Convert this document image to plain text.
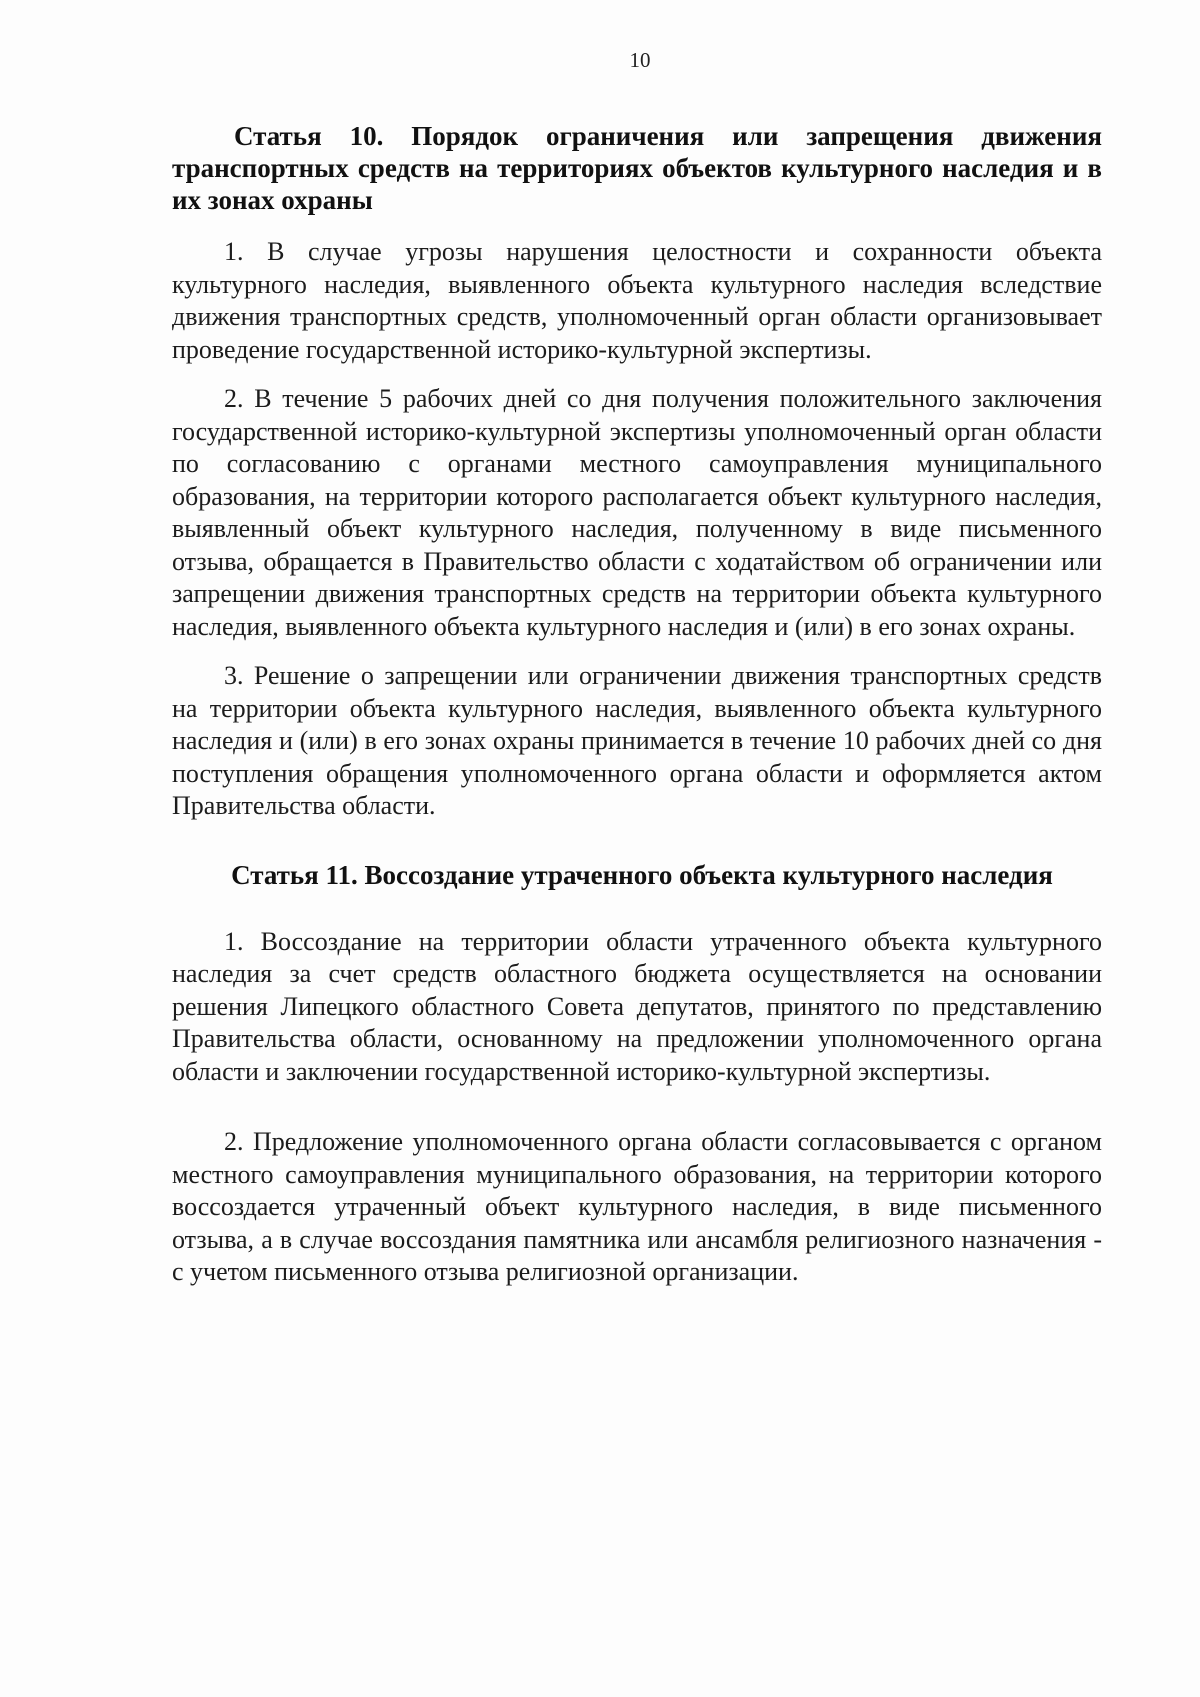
10

Статья 10. Порядок ограничения или запрещения движения транспортных средств на территориях объектов культурного наследия и в их зонах охраны

1. В случае угрозы нарушения целостности и сохранности объекта культурного наследия, выявленного объекта культурного наследия вследствие движения транспортных средств, уполномоченный орган области организовывает проведение государственной историко-культурной экспертизы.

2. В течение 5 рабочих дней со дня получения положительного заключения государственной историко-культурной экспертизы уполномоченный орган области по согласованию с органами местного самоуправления муниципального образования, на территории которого располагается объект культурного наследия, выявленный объект культурного наследия, полученному в виде письменного отзыва, обращается в Правительство области с ходатайством об ограничении или запрещении движения транспортных средств на территории объекта культурного наследия, выявленного объекта культурного наследия и (или) в его зонах охраны.

3. Решение о запрещении или ограничении движения транспортных средств на территории объекта культурного наследия, выявленного объекта культурного наследия и (или) в его зонах охраны принимается в течение 10 рабочих дней со дня поступления обращения уполномоченного органа области и оформляется актом Правительства области.

Статья 11. Воссоздание утраченного объекта культурного наследия

1. Воссоздание на территории области утраченного объекта культурного наследия за счет средств областного бюджета осуществляется на основании решения Липецкого областного Совета депутатов, принятого по представлению Правительства области, основанному на предложении уполномоченного органа области и заключении государственной историко-культурной экспертизы.

2. Предложение уполномоченного органа области согласовывается с органом местного самоуправления муниципального образования, на территории которого воссоздается утраченный объект культурного наследия, в виде письменного отзыва, а в случае воссоздания памятника или ансамбля религиозного назначения - с учетом письменного отзыва религиозной организации.
